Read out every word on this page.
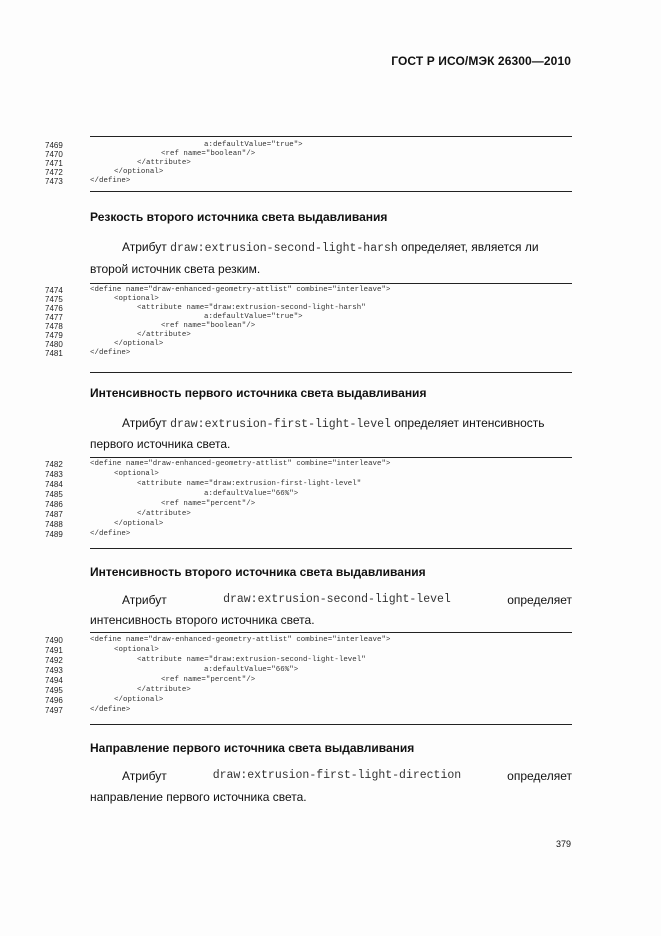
ГОСТ Р ИСО/МЭК 26300—2010
7469	a:defaultValue="true">
7470	<ref name="boolean"/>
7471	</attribute>
7472	</optional>
7473	</define>
Резкость второго источника света выдавливания
Атрибут draw:extrusion-second-light-harsh определяет, является ли
второй источник света резким.
7474	<define name="draw-enhanced-geometry-attlist" combine="interleave">
7475	<optional>
7476	<attribute name="draw:extrusion-second-light-harsh"
7477	a:defaultValue="true">
7478	<ref name="boolean"/>
7479	</attribute>
7480	</optional>
7481	</define>
Интенсивность первого источника света выдавливания
Атрибут draw:extrusion-first-light-level определяет интенсивность
первого источника света.
7482	<define name="draw-enhanced-geometry-attlist" combine="interleave">
7483	<optional>
7484	<attribute name="draw:extrusion-first-light-level"
7485	a:defaultValue="66%">
7486	<ref name="percent"/>
7487	</attribute>
7488	</optional>
7489	</define>
Интенсивность второго источника света выдавливания
Атрибут	draw:extrusion-second-light-level	определяет
интенсивность второго источника света.
7490	<define name="draw-enhanced-geometry-attlist" combine="interleave">
7491	<optional>
7492	<attribute name="draw:extrusion-second-light-level"
7493	a:defaultValue="66%">
7494	<ref name="percent"/>
7495	</attribute>
7496	</optional>
7497	</define>
Направление первого источника света выдавливания
Атрибут	draw:extrusion-first-light-direction	определяет
направление первого источника света.
379
